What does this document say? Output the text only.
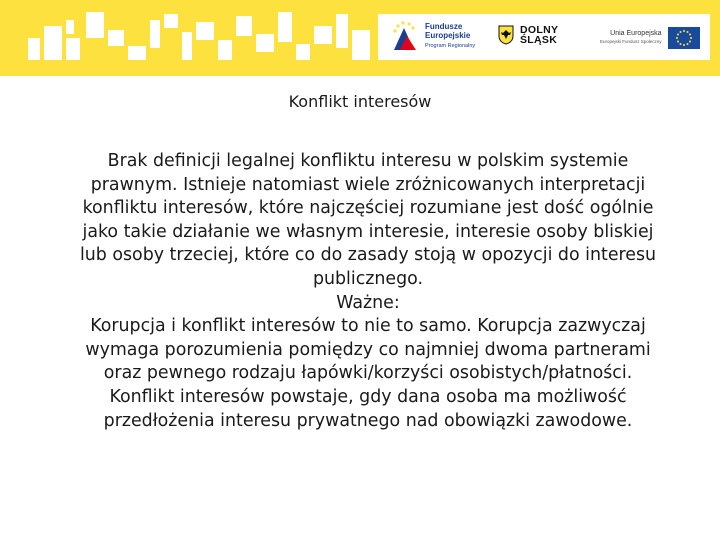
Fundusze
Europejskie
Program Regionalny
DOLNY
ŚLĄSK
Unia Europejska
Europejski Fundusz Społeczny
Konflikt interesów

Brak definicji legalnej konfliktu interesu w polskim systemie prawnym. Istnieje natomiast wiele zróżnicowanych interpretacji konfliktu interesów, które najczęściej rozumiane jest dość ogólnie jako takie działanie we własnym interesie, interesie osoby bliskiej lub osoby trzeciej, które co do zasady stoją w opozycji do interesu publicznego.

Ważne:

Korupcja i konflikt interesów to nie to samo. Korupcja zazwyczaj wymaga porozumienia pomiędzy co najmniej dwoma partnerami oraz pewnego rodzaju łapówki/korzyści osobistych/płatności. Konflikt interesów powstaje, gdy dana osoba ma możliwość przedłożenia interesu prywatnego nad obowiązki zawodowe.
